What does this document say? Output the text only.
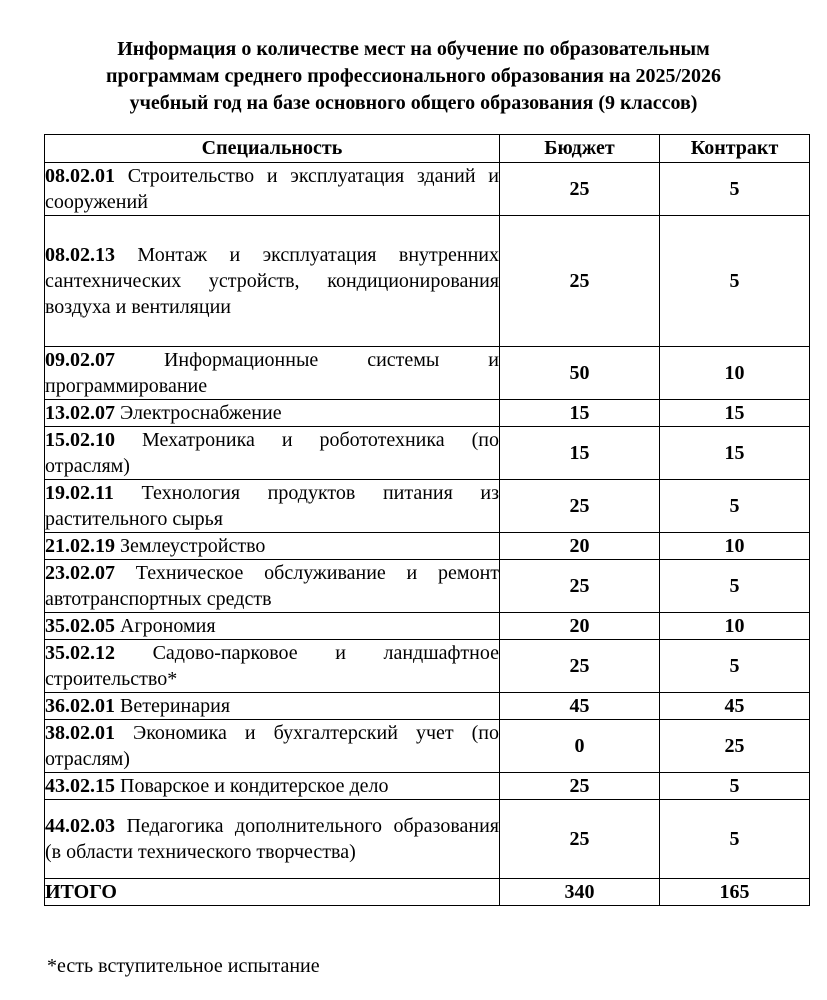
Информация о количестве мест на обучение по образовательным
программам среднего профессионального образования на 2025/2026
учебный год на базе основного общего образования (9 классов)
Специальность	Бюджет	Контракт
08.02.01 Строительство и эксплуатация зданий и сооружений	25	5
08.02.13 Монтаж и эксплуатация внутренних сантехнических устройств, кондиционирования воздуха и вентиляции	25	5
09.02.07 Информационные системы и программирование	50	10
13.02.07 Электроснабжение	15	15
15.02.10 Мехатроника и робототехника (по отраслям)	15	15
19.02.11 Технология продуктов питания из растительного сырья	25	5
21.02.19 Землеустройство	20	10
23.02.07 Техническое обслуживание и ремонт автотранспортных средств	25	5
35.02.05 Агрономия	20	10
35.02.12 Садово-парковое и ландшафтное строительство*	25	5
36.02.01 Ветеринария	45	45
38.02.01 Экономика и бухгалтерский учет (по отраслям)	0	25
43.02.15 Поварское и кондитерское дело	25	5
44.02.03 Педагогика дополнительного образования (в области технического творчества)	25	5
ИТОГО	340	165
*есть вступительное испытание
